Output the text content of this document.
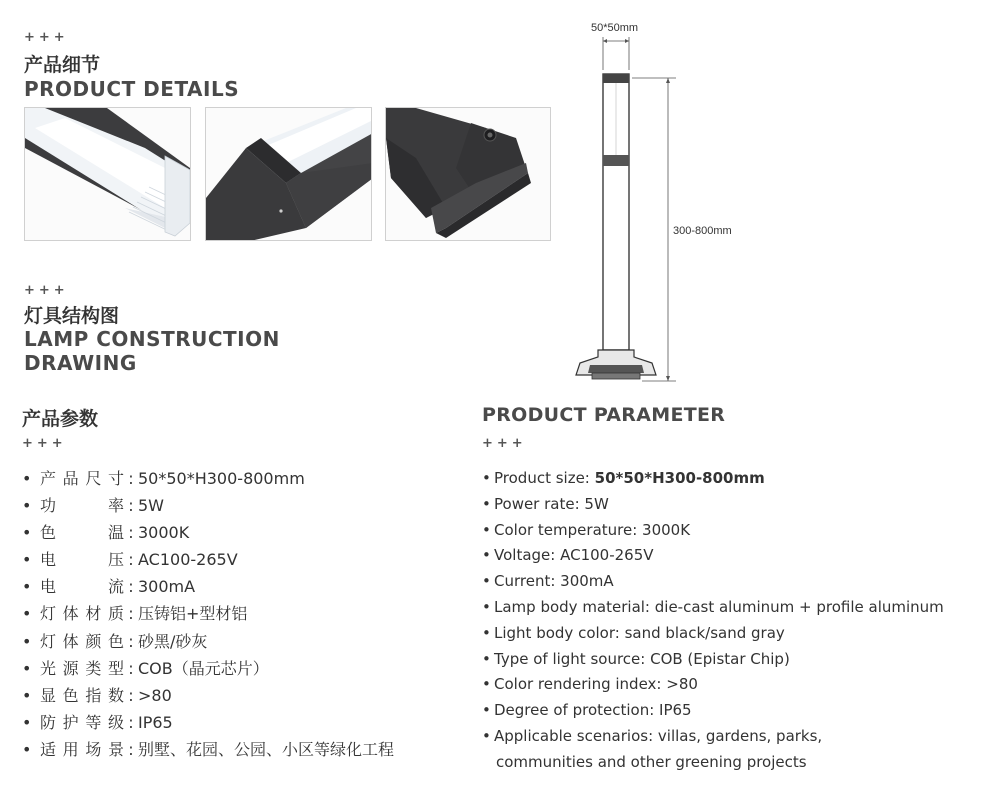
+++
产品细节
PRODUCT DETAILS
+++
灯具结构图
LAMP CONSTRUCTION DRAWING
50*50mm
300-800mm
产品参数
+++
• 产品尺寸 : 50*50*H300-800mm
• 功率 : 5W
• 色温 : 3000K
• 电压 : AC100-265V
• 电流 : 300mA
• 灯体材质 : 压铸铝+型材铝
• 灯体颜色 : 砂黑/砂灰
• 光源类型 : COB（晶元芯片）
• 显色指数 : >80
• 防护等级 : IP65
• 适用场景 : 别墅、花园、公园、小区等绿化工程
PRODUCT PARAMETER
+++
• Product size: 50*50*H300-800mm
• Power rate: 5W
• Color temperature: 3000K
• Voltage: AC100-265V
• Current: 300mA
• Lamp body material: die-cast aluminum + profile aluminum
• Light body color: sand black/sand gray
• Type of light source: COB (Epistar Chip)
• Color rendering index: >80
• Degree of protection: IP65
• Applicable scenarios: villas, gardens, parks,
communities and other greening projects
